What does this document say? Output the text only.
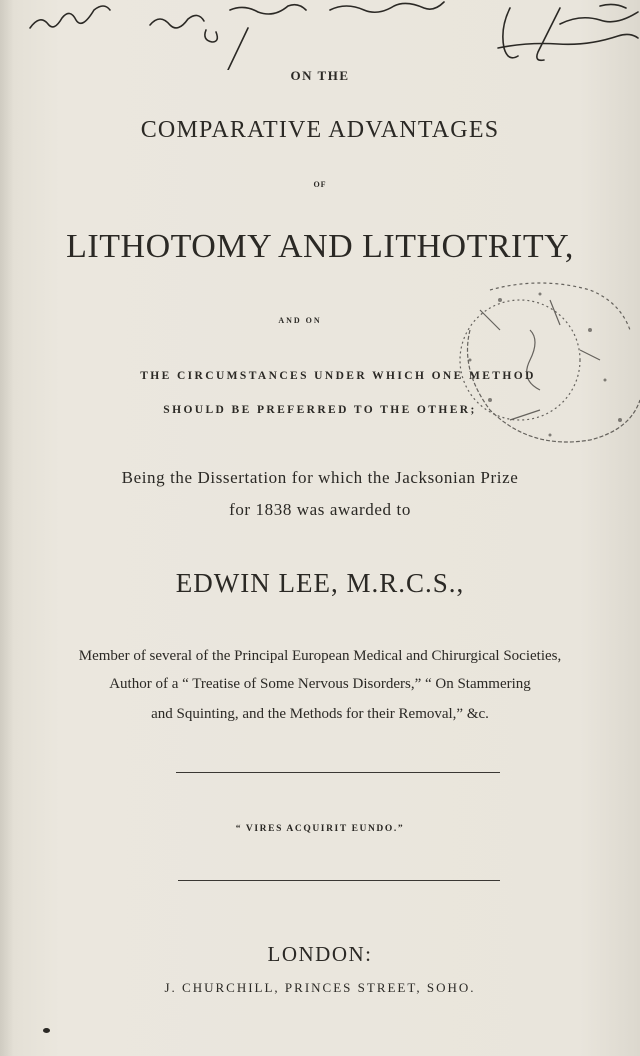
ON THE
COMPARATIVE ADVANTAGES
OF
LITHOTOMY AND LITHOTRITY,
AND ON
THE CIRCUMSTANCES UNDER WHICH ONE METHOD
SHOULD BE PREFERRED TO THE OTHER;
Being the Dissertation for which the Jacksonian Prize
for 1838 was awarded to
EDWIN LEE, M.R.C.S.,
Member of several of the Principal European Medical and Chirurgical Societies,
Author of a “ Treatise of Some Nervous Disorders,” “ On Stammering
and Squinting, and the Methods for their Removal,” &c.
“ VIRES ACQUIRIT EUNDO.”
LONDON:
J. CHURCHILL, PRINCES STREET, SOHO.
